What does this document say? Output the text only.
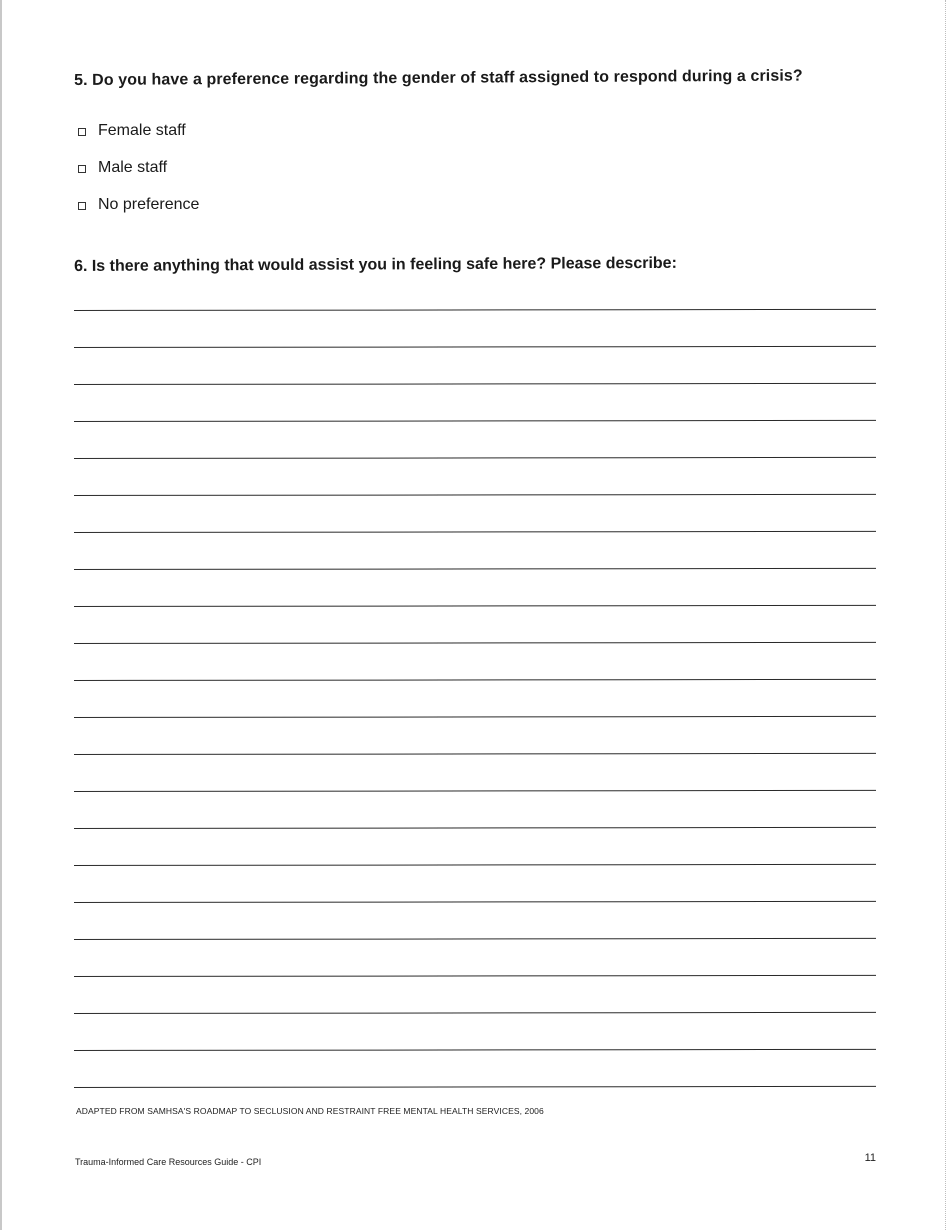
5. Do you have a preference regarding the gender of staff assigned to respond during a crisis?
Female staff
Male staff
No preference
6. Is there anything that would assist you in feeling safe here? Please describe:
ADAPTED FROM SAMHSA'S ROADMAP TO SECLUSION AND RESTRAINT FREE MENTAL HEALTH SERVICES, 2006
Trauma-Informed Care Resources Guide - CPI	11
